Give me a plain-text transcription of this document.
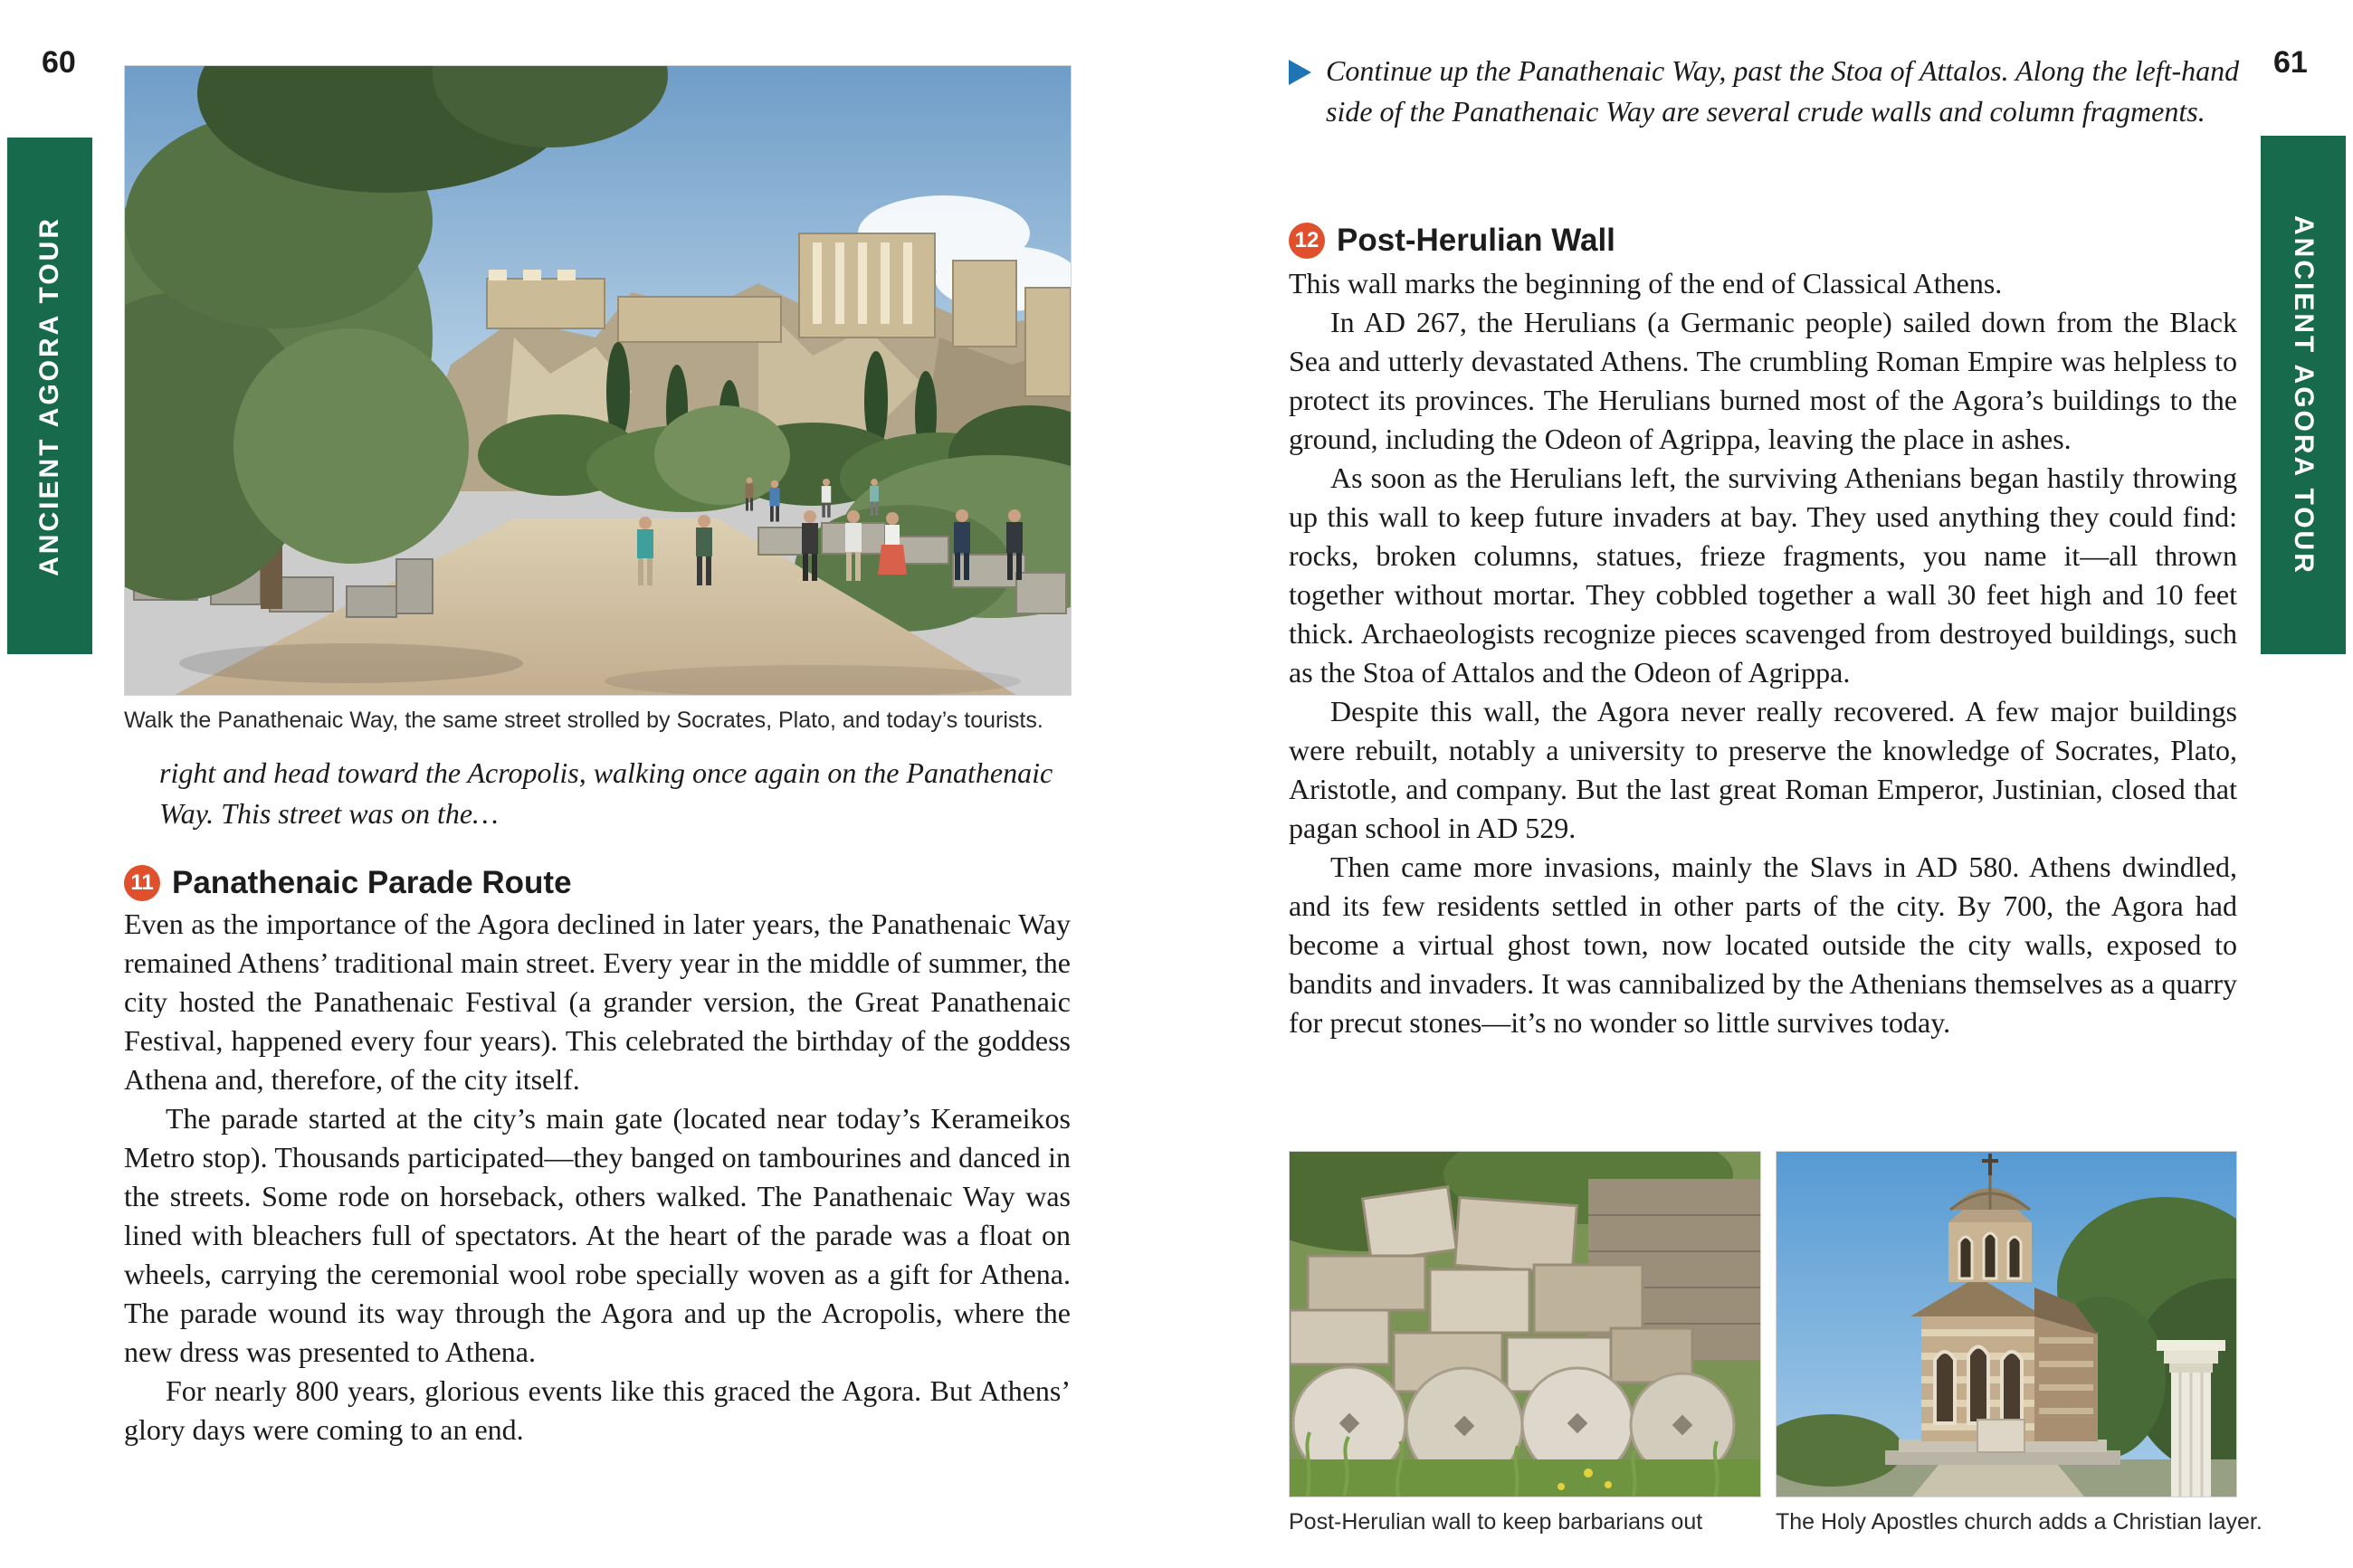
60
ANCIENT AGORA TOUR
Walk the Panathenaic Way, the same street strolled by Socrates, Plato, and today’s tourists.
right and head toward the Acropolis, walking once again on the Panathenaic Way. This street was on the…
11 Panathenaic Parade Route

Even as the importance of the Agora declined in later years, the Panathenaic Way remained Athens’ traditional main street. Every year in the middle of summer, the city hosted the Panathenaic Festival (a grander version, the Great Panathenaic Festival, happened every four years). This celebrated the birthday of the goddess Athena and, therefore, of the city itself.

The parade started at the city’s main gate (located near today’s Kerameikos Metro stop). Thousands participated—they banged on tambourines and danced in the streets. Some rode on horseback, others walked. The Panathenaic Way was lined with bleachers full of spectators. At the heart of the parade was a float on wheels, carrying the ceremonial wool robe specially woven as a gift for Athena. The parade wound its way through the Agora and up the Acropolis, where the new dress was presented to Athena.

For nearly 800 years, glorious events like this graced the Agora. But Athens’ glory days were coming to an end.

61
ANCIENT AGORA TOUR
Continue up the Panathenaic Way, past the Stoa of Attalos. Along the left-hand side of the Panathenaic Way are several crude walls and column fragments.
12 Post-Herulian Wall

This wall marks the beginning of the end of Classical Athens.

In AD 267, the Herulians (a Germanic people) sailed down from the Black Sea and utterly devastated Athens. The crumbling Roman Empire was helpless to protect its provinces. The Herulians burned most of the Agora’s buildings to the ground, including the Odeon of Agrippa, leaving the place in ashes.

As soon as the Herulians left, the surviving Athenians began hastily throwing up this wall to keep future invaders at bay. They used anything they could find: rocks, broken columns, statues, frieze fragments, you name it—all thrown together without mortar. They cobbled together a wall 30 feet high and 10 feet thick. Archaeologists recognize pieces scavenged from destroyed buildings, such as the Stoa of Attalos and the Odeon of Agrippa.

Despite this wall, the Agora never really recovered. A few major buildings were rebuilt, notably a university to preserve the knowledge of Socrates, Plato, Aristotle, and company. But the last great Roman Emperor, Justinian, closed that pagan school in AD 529.

Then came more invasions, mainly the Slavs in AD 580. Athens dwindled, and its few residents settled in other parts of the city. By 700, the Agora had become a virtual ghost town, now located outside the city walls, exposed to bandits and invaders. It was cannibalized by the Athenians themselves as a quarry for precut stones—it’s no wonder so little survives today.

Post-Herulian wall to keep barbarians out	The Holy Apostles church adds a Christian layer.
